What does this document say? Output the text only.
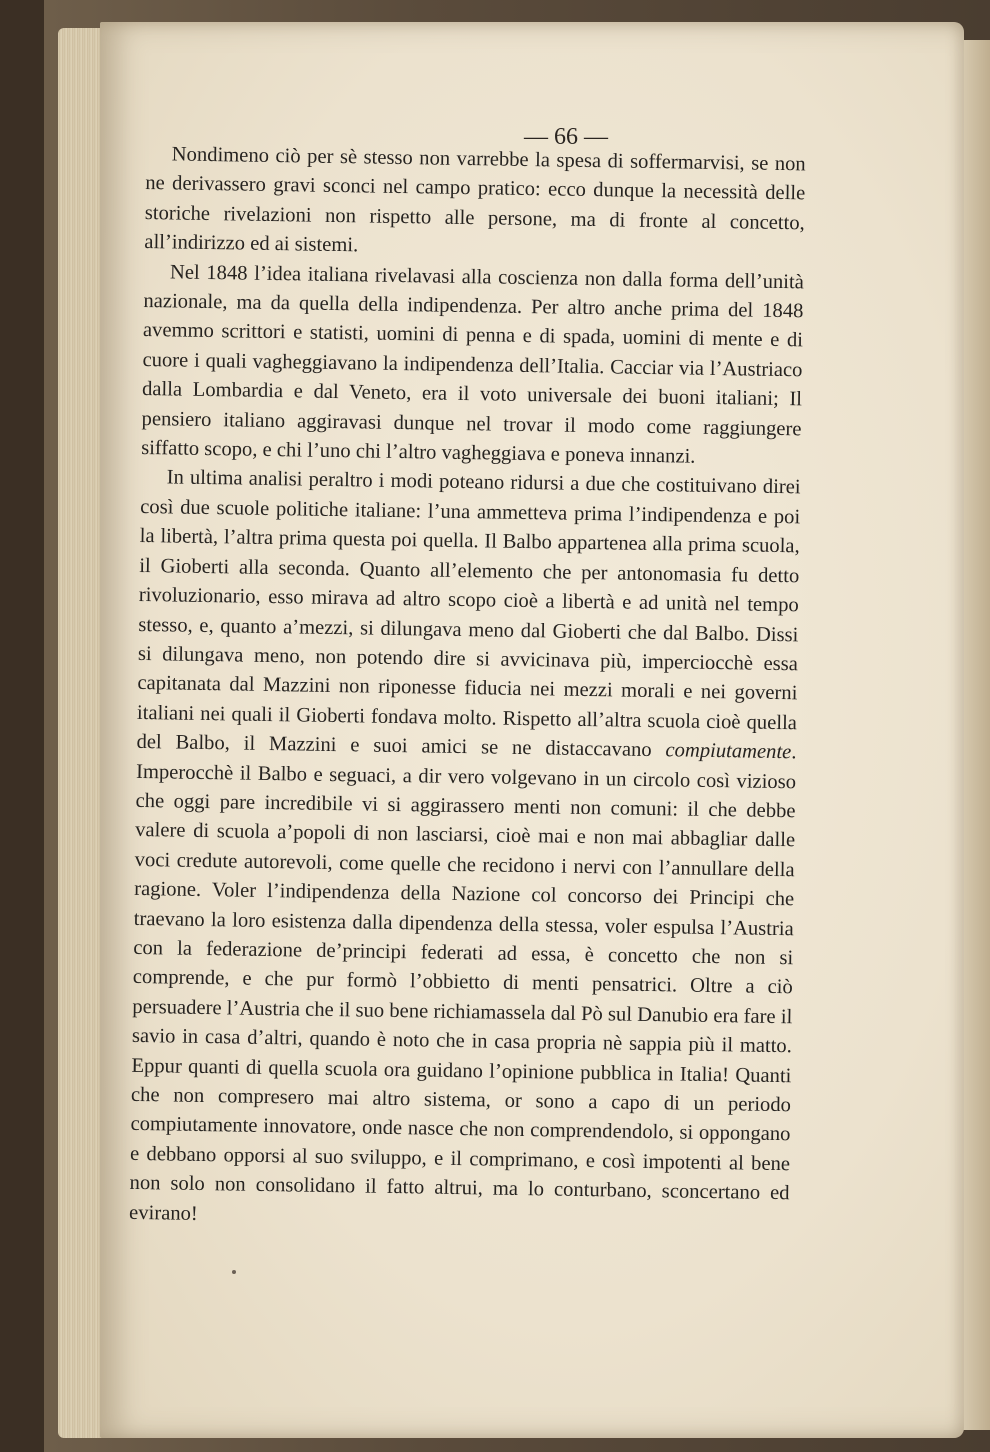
— 66 —

Nondimeno ciò per sè stesso non varrebbe la spesa di soffermarvisi, se non ne derivassero gravi sconci nel campo pratico: ecco dunque la necessità delle storiche rivelazioni non rispetto alle persone, ma di fronte al concetto, all’indirizzo ed ai sistemi.

Nel 1848 l’idea italiana rivelavasi alla coscienza non dalla forma dell’unità nazionale, ma da quella della indipendenza. Per altro anche prima del 1848 avemmo scrittori e statisti, uomini di penna e di spada, uomini di mente e di cuore i quali vagheggiavano la indipendenza dell’Italia. Cacciar via l’Austriaco dalla Lombardia e dal Veneto, era il voto universale dei buoni italiani; Il pensiero italiano aggiravasi dunque nel trovar il modo come raggiungere siffatto scopo, e chi l’uno chi l’altro vagheggiava e poneva innanzi.

In ultima analisi peraltro i modi poteano ridursi a due che costituivano direi così due scuole politiche italiane: l’una ammetteva prima l’indipendenza e poi la libertà, l’altra prima questa poi quella. Il Balbo appartenea alla prima scuola, il Gioberti alla seconda. Quanto all’elemento che per antonomasia fu detto rivoluzionario, esso mirava ad altro scopo cioè a libertà e ad unità nel tempo stesso, e, quanto a’mezzi, si dilungava meno dal Gioberti che dal Balbo. Dissi si dilungava meno, non potendo dire si avvicinava più, imperciocchè essa capitanata dal Mazzini non riponesse fiducia nei mezzi morali e nei governi italiani nei quali il Gioberti fondava molto. Rispetto all’altra scuola cioè quella del Balbo, il Mazzini e suoi amici se ne distaccavano compiutamente. Imperocchè il Balbo e seguaci, a dir vero volgevano in un circolo così vizioso che oggi pare incredibile vi si aggirassero menti non comuni: il che debbe valere di scuola a’popoli di non lasciarsi, cioè mai e non mai abbagliar dalle voci credute autorevoli, come quelle che recidono i nervi con l’annullare della ragione. Voler l’indipendenza della Nazione col concorso dei Principi che traevano la loro esistenza dalla dipendenza della stessa, voler espulsa l’Austria con la federazione de’principi federati ad essa, è concetto che non si comprende, e che pur formò l’obbietto di menti pensatrici. Oltre a ciò persuadere l’Austria che il suo bene richiamassela dal Pò sul Danubio era fare il savio in casa d’altri, quando è noto che in casa propria nè sappia più il matto. Eppur quanti di quella scuola ora guidano l’opinione pubblica in Italia! Quanti che non compresero mai altro sistema, or sono a capo di un periodo compiutamente innovatore, onde nasce che non comprendendolo, si oppongano e debbano opporsi al suo sviluppo, e il comprimano, e così impotenti al bene non solo non consolidano il fatto altrui, ma lo conturbano, sconcertano ed evirano!
